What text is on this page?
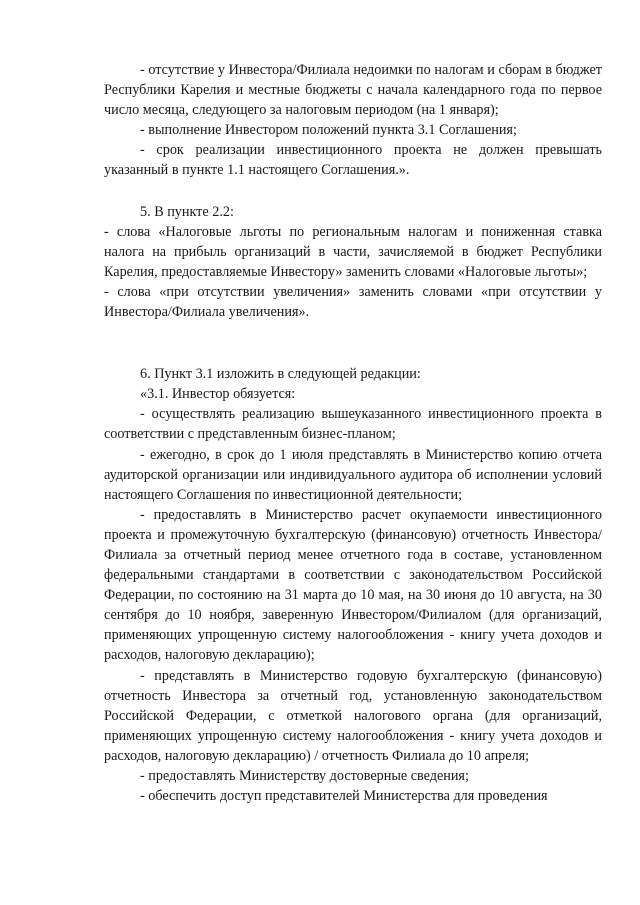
- отсутствие у Инвестора/Филиала недоимки по налогам и сборам в бюджет Республики Карелия и местные бюджеты с начала календарного года по первое число месяца, следующего за налоговым периодом (на 1 января);

- выполнение Инвестором положений пункта 3.1 Соглашения;

- срок реализации инвестиционного проекта не должен превышать указанный в пункте 1.1 настоящего Соглашения.».

5. В пункте 2.2:

- слова «Налоговые льготы по региональным налогам и пониженная ставка налога на прибыль организаций в части, зачисляемой в бюджет Республики Карелия, предоставляемые Инвестору» заменить словами «Налоговые льготы»;

- слова «при отсутствии увеличения» заменить словами «при отсутствии у Инвестора/Филиала увеличения».

6. Пункт 3.1 изложить в следующей редакции:

«3.1. Инвестор обязуется:

- осуществлять реализацию вышеуказанного инвестиционного проекта в соответствии с представленным бизнес-планом;

- ежегодно, в срок до 1 июля представлять в Министерство копию отчета аудиторской организации или индивидуального аудитора об исполнении условий настоящего Соглашения по инвестиционной деятельности;

- предоставлять в Министерство расчет окупаемости инвестиционного проекта и промежуточную бухгалтерскую (финансовую) отчетность Инвестора/Филиала за отчетный период менее отчетного года в составе, установленном федеральными стандартами в соответствии с законодательством Российской Федерации, по состоянию на 31 марта до 10 мая, на 30 июня до 10 августа, на 30 сентября до 10 ноября, заверенную Инвестором/Филиалом (для организаций, применяющих упрощенную систему налогообложения - книгу учета доходов и расходов, налоговую декларацию);

- представлять в Министерство годовую бухгалтерскую (финансовую) отчетность Инвестора за отчетный год, установленную законодательством Российской Федерации, с отметкой налогового органа (для организаций, применяющих упрощенную систему налогообложения - книгу учета доходов и расходов, налоговую декларацию) / отчетность Филиала до 10 апреля;

- предоставлять Министерству достоверные сведения;

- обеспечить доступ представителей Министерства для проведения
